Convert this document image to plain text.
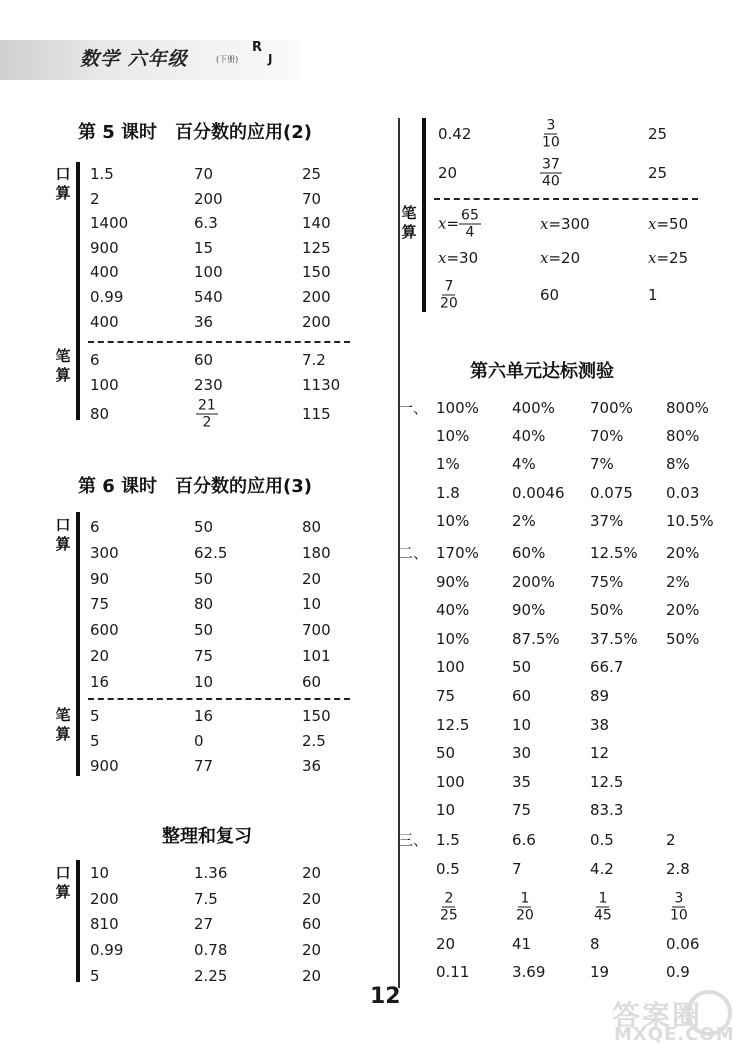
数学 六年级	(下册)
R
J
第 5 课时　百分数的应用(2)
口
算
笔
算
1.5	70	25
2	200	70
1400	6.3	140
900	15	125
400	100	150
0.99	540	200
400	36	200
6	60	7.2
100	230	1130
80	$\frac{21}{2}$	115
第 6 课时　百分数的应用(3)
口
算
笔
算
6	50	80
300	62.5	180
90	50	20
75	80	10
600	50	700
20	75	101
16	10	60
5	16	150
5	0	2.5
900	77	36
整理和复习
口
算
10	1.36	20
200	7.5	20
810	27	60
0.99	0.78	20
5	2.25	20
笔
算
0.42	$\frac{3}{10}$	25
20	$\frac{37}{40}$	25
$x= \frac{65}{4}$	x=300	x=50
x=30	x=20	x=25
$\frac{7}{20}$	60	1
第六单元达标测验
一、 100% 400% 700% 800%
10%	40%	70%	80%
1%	4%	7%	8%
1.8	0.0046 0.075 0.03
10%	2%	37%	10.5%
二、 170% 60%	12.5% 20%
90%	200% 75%	2%
40%	90%	50%	20%
10%	87.5% 37.5% 50%
100	50	66.7
75	60	89
12.5	10	38
50	30	12
100	35	12.5
10	75	83.3
三、 1.5	6.6	0.5	2
0.5	7	4.2	2.8
$\frac{2}{25}$	$\frac{1}{20}$	$\frac{1}{45}$	$\frac{3}{10}$
20	41	8	0.06
0.11	3.69	19	0.9
12
答案圈
MXQE.COM
